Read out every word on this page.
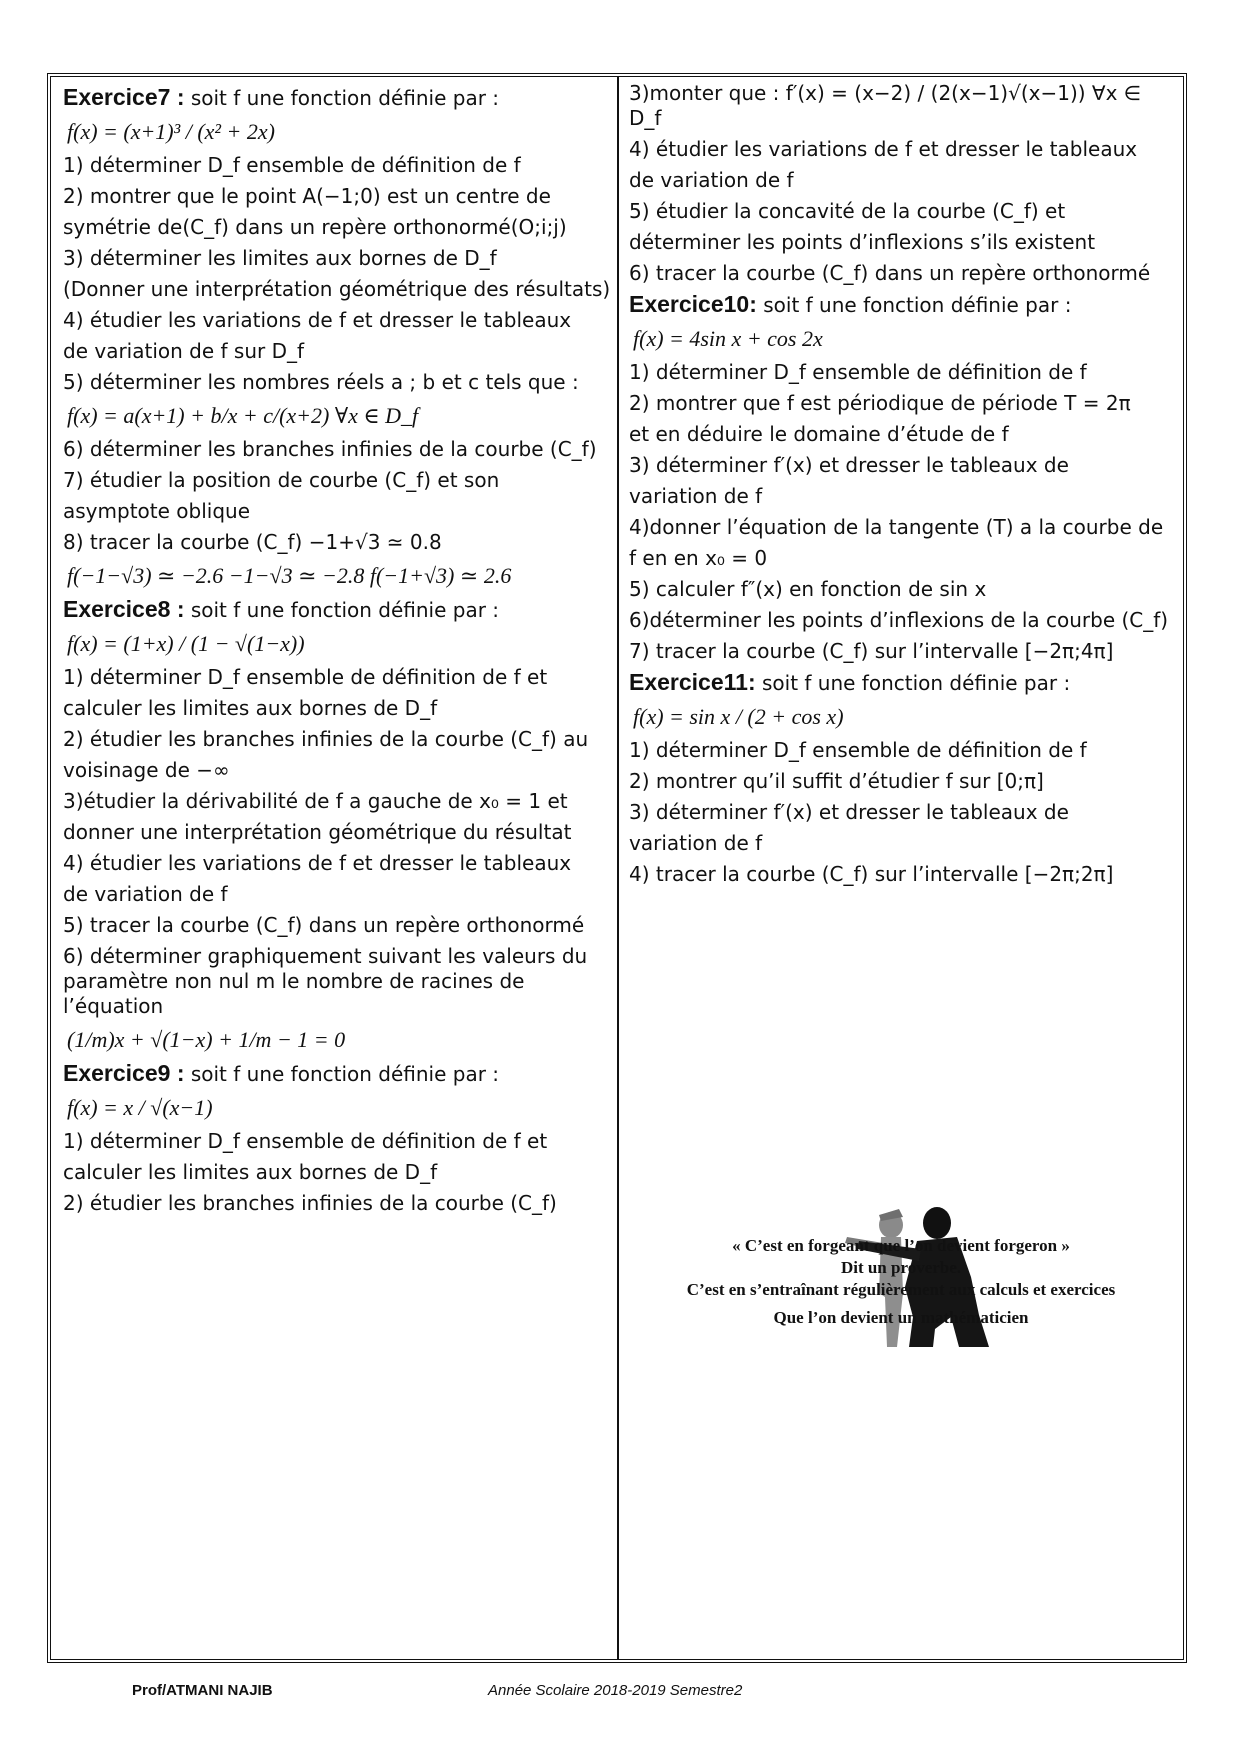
Exercice7 : soit f une fonction définie par :
f(x) = (x+1)³ / (x² + 2x)
1) déterminer D_f ensemble de définition de f
2) montrer que le point A(−1;0) est un centre de
symétrie de(C_f) dans un repère orthonormé(O;i;j)
3) déterminer les limites aux bornes de D_f
(Donner une interprétation géométrique des résultats)
4) étudier les variations de f et dresser le tableaux
de variation de f sur D_f
5) déterminer les nombres réels a ; b et c tels que :
f(x) = a(x+1) + b/x + c/(x+2) ∀x ∈ D_f
6) déterminer les branches infinies de la courbe (C_f)
7) étudier la position de courbe (C_f) et son
asymptote oblique
8) tracer la courbe (C_f) −1+√3 ≃ 0.8
f(−1−√3) ≃ −2.6 −1−√3 ≃ −2.8 f(−1+√3) ≃ 2.6
Exercice8 : soit f une fonction définie par :
f(x) = (1+x) / (1 − √(1−x))
1) déterminer D_f ensemble de définition de f et
calculer les limites aux bornes de D_f
2) étudier les branches infinies de la courbe (C_f) au
voisinage de −∞
3)étudier la dérivabilité de f a gauche de x₀ = 1 et
donner une interprétation géométrique du résultat
4) étudier les variations de f et dresser le tableaux
de variation de f
5) tracer la courbe (C_f) dans un repère orthonormé
6) déterminer graphiquement suivant les valeurs du paramètre non nul m le nombre de racines de l’équation
(1/m)x + √(1−x) + 1/m − 1 = 0
Exercice9 : soit f une fonction définie par :
f(x) = x / √(x−1)
1) déterminer D_f ensemble de définition de f et
calculer les limites aux bornes de D_f
2) étudier les branches infinies de la courbe (C_f)
« C’est en forgeant que l’on devient forgeron »
Dit un proverbe.
C’est en s’entraînant régulièrement aux calculs et exercices
Que l’on devient un mathématicien
3)monter que : f′(x) = (x−2) / (2(x−1)√(x−1)) ∀x ∈ D_f
4) étudier les variations de f et dresser le tableaux
de variation de f
5) étudier la concavité de la courbe (C_f) et
déterminer les points d’inflexions s’ils existent
6) tracer la courbe (C_f) dans un repère orthonormé
Exercice10: soit f une fonction définie par :
f(x) = 4sin x + cos 2x
1) déterminer D_f ensemble de définition de f
2) montrer que f est périodique de période T = 2π
et en déduire le domaine d’étude de f
3) déterminer f′(x) et dresser le tableaux de
variation de f
4)donner l’équation de la tangente (T) a la courbe de
f en en x₀ = 0
5) calculer f″(x) en fonction de sin x
6)déterminer les points d’inflexions de la courbe (C_f)
7) tracer la courbe (C_f) sur l’intervalle [−2π;4π]
Exercice11: soit f une fonction définie par :
f(x) = sin x / (2 + cos x)
1) déterminer D_f ensemble de définition de f
2) montrer qu’il suffit d’étudier f sur [0;π]
3) déterminer f′(x) et dresser le tableaux de
variation de f
4) tracer la courbe (C_f) sur l’intervalle [−2π;2π]
Prof/ATMANI NAJIB	Année Scolaire 2018-2019 Semestre2
